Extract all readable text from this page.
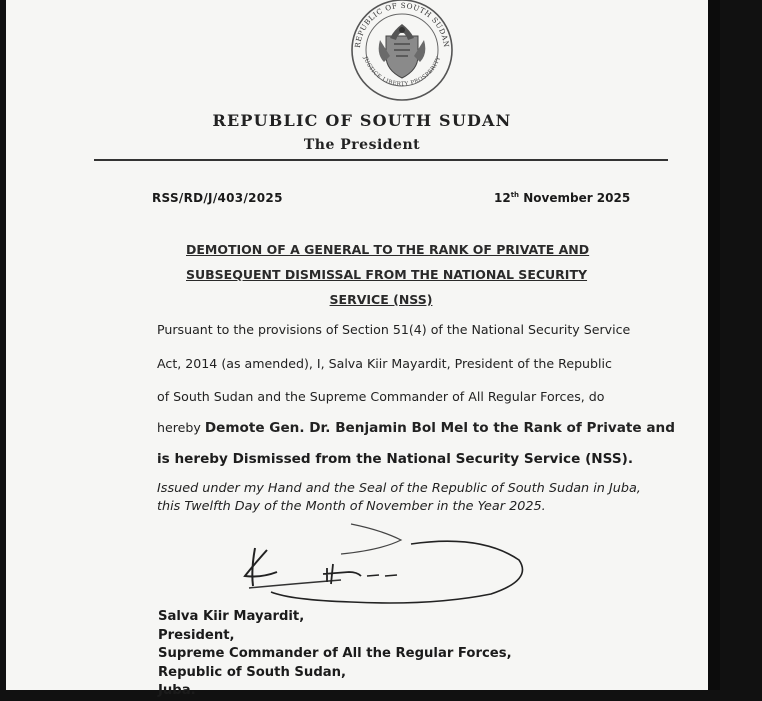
REPUBLIC OF SOUTH SUDAN
JUSTICE LIBERTY PROSPERITY
REPUBLIC OF SOUTH SUDAN
The President
RSS/RD/J/403/2025	12th November 2025
DEMOTION OF A GENERAL TO THE RANK OF PRIVATE AND
SUBSEQUENT DISMISSAL FROM THE NATIONAL SECURITY
SERVICE (NSS)
Pursuant to the provisions of Section 51(4) of the National Security Service
Act, 2014 (as amended), I, Salva Kiir Mayardit, President of the Republic
of South Sudan and the Supreme Commander of All Regular Forces, do
hereby Demote Gen. Dr. Benjamin Bol Mel to the Rank of Private and
is hereby Dismissed from the National Security Service (NSS).
Issued under my Hand and the Seal of the Republic of South Sudan in Juba,
this Twelfth Day of the Month of November in the Year 2025.
Salva Kiir Mayardit,
President,
Supreme Commander of All the Regular Forces,
Republic of South Sudan,
Juba.
